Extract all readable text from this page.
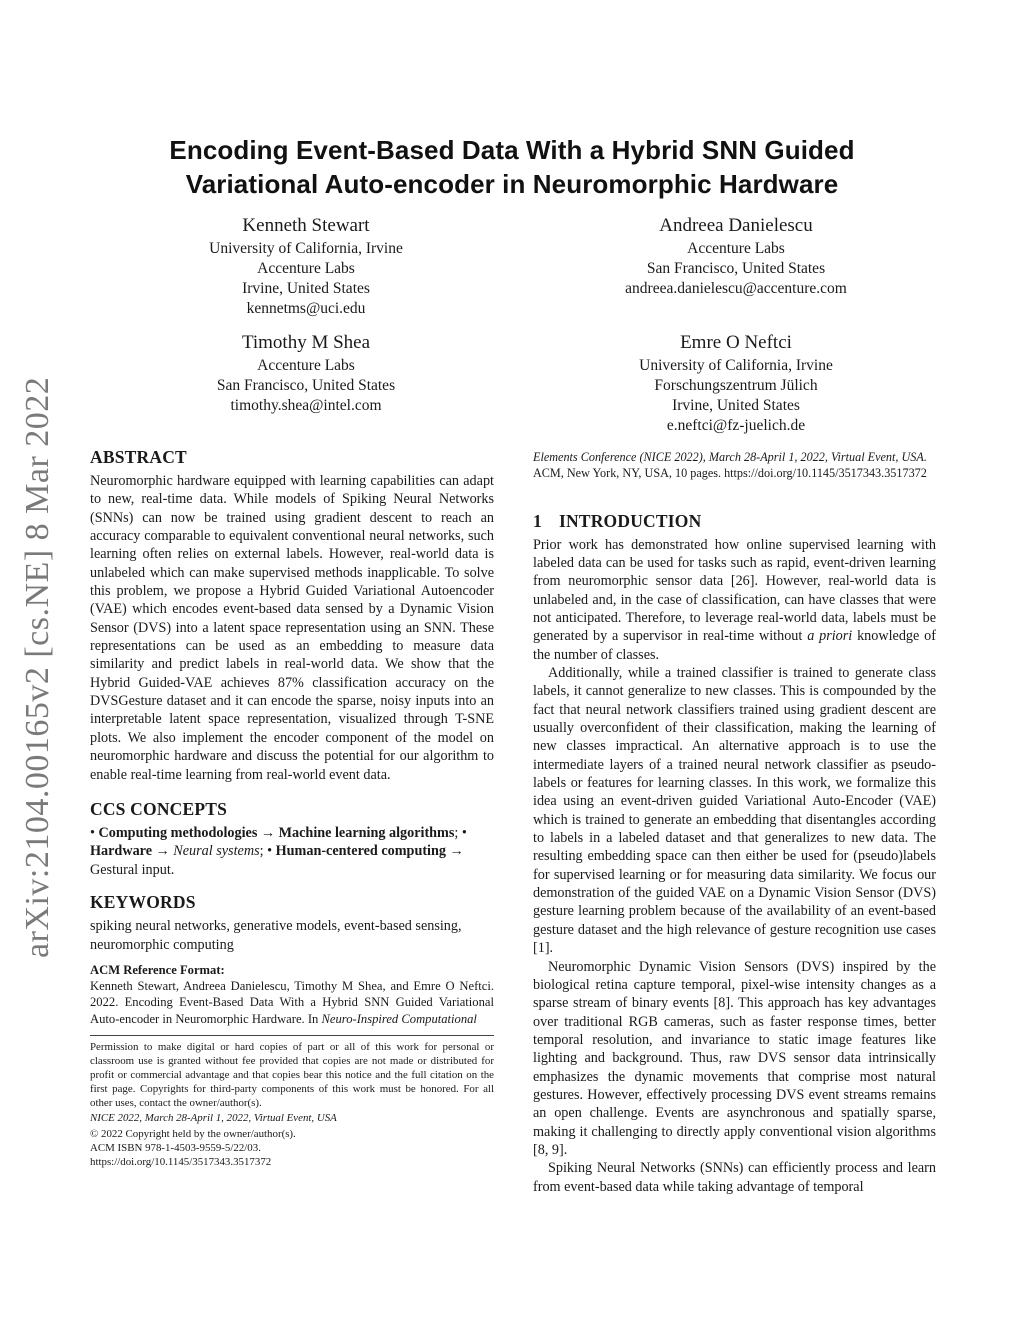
arXiv:2104.00165v2 [cs.NE] 8 Mar 2022
Encoding Event-Based Data With a Hybrid SNN Guided
Variational Auto-encoder in Neuromorphic Hardware
Kenneth Stewart
University of California, Irvine
Accenture Labs
Irvine, United States
kennetms@uci.edu
Andreea Danielescu
Accenture Labs
San Francisco, United States
andreea.danielescu@accenture.com
Timothy M Shea
Accenture Labs
San Francisco, United States
timothy.shea@intel.com
Emre O Neftci
University of California, Irvine
Forschungszentrum Jülich
Irvine, United States
e.neftci@fz-juelich.de
ABSTRACT

Neuromorphic hardware equipped with learning capabilities can adapt to new, real-time data. While models of Spiking Neural Networks (SNNs) can now be trained using gradient descent to reach an accuracy comparable to equivalent conventional neural networks, such learning often relies on external labels. However, real-world data is unlabeled which can make supervised methods inapplicable. To solve this problem, we propose a Hybrid Guided Variational Autoencoder (VAE) which encodes event-based data sensed by a Dynamic Vision Sensor (DVS) into a latent space representation using an SNN. These representations can be used as an embedding to measure data similarity and predict labels in real-world data. We show that the Hybrid Guided-VAE achieves 87% classification accuracy on the DVSGesture dataset and it can encode the sparse, noisy inputs into an interpretable latent space representation, visualized through T-SNE plots. We also implement the encoder component of the model on neuromorphic hardware and discuss the potential for our algorithm to enable real-time learning from real-world event data.

CCS CONCEPTS

• Computing methodologies → Machine learning algorithms; • Hardware → Neural systems; • Human-centered computing → Gestural input.

KEYWORDS

spiking neural networks, generative models, event-based sensing, neuromorphic computing

ACM Reference Format:

Kenneth Stewart, Andreea Danielescu, Timothy M Shea, and Emre O Neftci. 2022. Encoding Event-Based Data With a Hybrid SNN Guided Variational Auto-encoder in Neuromorphic Hardware. In Neuro-Inspired Computational

Permission to make digital or hard copies of part or all of this work for personal or classroom use is granted without fee provided that copies are not made or distributed for profit or commercial advantage and that copies bear this notice and the full citation on the first page. Copyrights for third-party components of this work must be honored. For all other uses, contact the owner/author(s).

NICE 2022, March 28-April 1, 2022, Virtual Event, USA

© 2022 Copyright held by the owner/author(s).

ACM ISBN 978-1-4503-9559-5/22/03.

https://doi.org/10.1145/3517343.3517372

Elements Conference (NICE 2022), March 28-April 1, 2022, Virtual Event, USA.
ACM, New York, NY, USA, 10 pages. https://doi.org/10.1145/3517343.3517372
1 INTRODUCTION

Prior work has demonstrated how online supervised learning with labeled data can be used for tasks such as rapid, event-driven learning from neuromorphic sensor data [26]. However, real-world data is unlabeled and, in the case of classification, can have classes that were not anticipated. Therefore, to leverage real-world data, labels must be generated by a supervisor in real-time without a priori knowledge of the number of classes.

Additionally, while a trained classifier is trained to generate class labels, it cannot generalize to new classes. This is compounded by the fact that neural network classifiers trained using gradient descent are usually overconfident of their classification, making the learning of new classes impractical. An alternative approach is to use the intermediate layers of a trained neural network classifier as pseudo-labels or features for learning classes. In this work, we formalize this idea using an event-driven guided Variational Auto-Encoder (VAE) which is trained to generate an embedding that disentangles according to labels in a labeled dataset and that generalizes to new data. The resulting embedding space can then either be used for (pseudo)labels for supervised learning or for measuring data similarity. We focus our demonstration of the guided VAE on a Dynamic Vision Sensor (DVS) gesture learning problem because of the availability of an event-based gesture dataset and the high relevance of gesture recognition use cases [1].

Neuromorphic Dynamic Vision Sensors (DVS) inspired by the biological retina capture temporal, pixel-wise intensity changes as a sparse stream of binary events [8]. This approach has key advantages over traditional RGB cameras, such as faster response times, better temporal resolution, and invariance to static image features like lighting and background. Thus, raw DVS sensor data intrinsically emphasizes the dynamic movements that comprise most natural gestures. However, effectively processing DVS event streams remains an open challenge. Events are asynchronous and spatially sparse, making it challenging to directly apply conventional vision algorithms [8, 9].

Spiking Neural Networks (SNNs) can efficiently process and learn from event-based data while taking advantage of temporal
